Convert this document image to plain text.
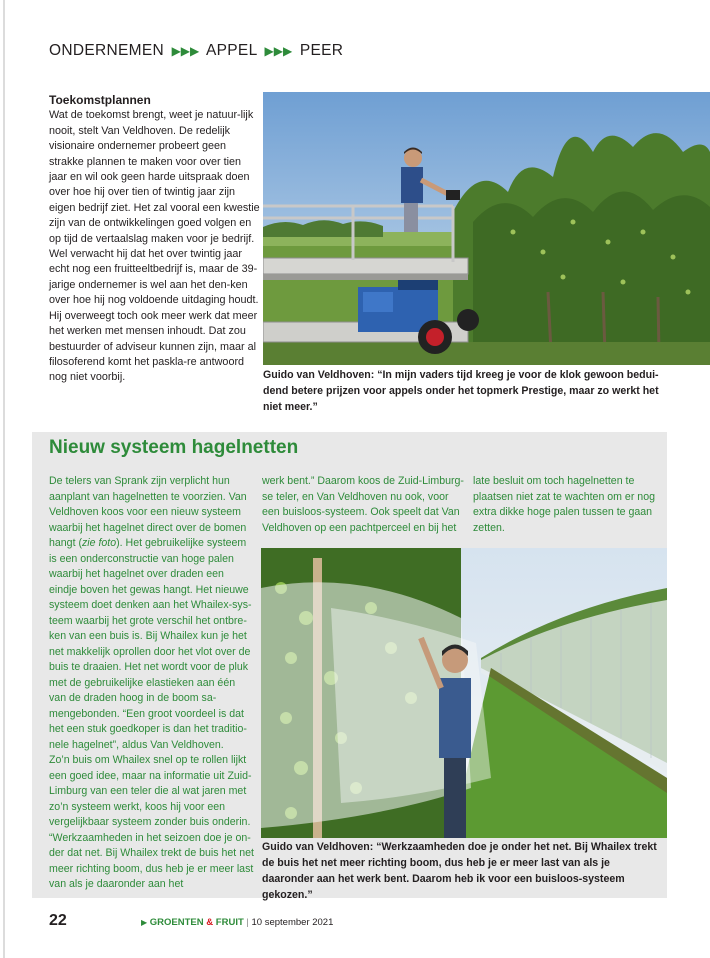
ONDERNEMEN ▶▶▶ APPEL ▶▶▶ PEER
Toekomstplannen

Wat de toekomst brengt, weet je natuur-lijk nooit, stelt Van Veldhoven. De redelijk visionaire ondernemer probeert geen strakke plannen te maken voor over tien jaar en wil ook geen harde uitspraak doen over hoe hij over tien of twintig jaar zijn eigen bedrijf ziet. Het zal vooral een kwestie zijn van de ontwikkelingen goed volgen en op tijd de vertaalslag maken voor je bedrijf.

Wel verwacht hij dat het over twintig jaar echt nog een fruitteeltbedrijf is, maar de 39-jarige ondernemer is wel aan het den-ken over hoe hij nog voldoende uitdaging houdt.

Hij overweegt toch ook meer werk dat meer het werken met mensen inhoudt. Dat zou bestuurder of adviseur kunnen zijn, maar al filosoferend komt het paskla-re antwoord nog niet voorbij.	Guido van Veldhoven: “In mijn vaders tijd kreeg je voor de klok gewoon bedui-dend betere prijzen voor appels onder het topmerk Prestige, maar zo werkt het niet meer.”
Nieuw systeem hagelnetten

De telers van Sprank zijn verplicht hun aanplant van hagelnetten te voorzien. Van Veldhoven koos voor een nieuw systeem waarbij het hagelnet direct over de bomen hangt (zie foto). Het gebruikelijke systeem is een onderconstructie van hoge palen waarbij het hagelnet over draden een eindje boven het gewas hangt. Het nieuwe systeem doet denken aan het Whailex-sys-teem waarbij het grote verschil het ontbre-ken van een buis is. Bij Whailex kun je het net makkelijk oprollen door het vlot over de buis te draaien. Het net wordt voor de pluk met de gebruikelijke elastieken aan één van de draden hoog in de boom sa-mengebonden. “Een groot voordeel is dat het een stuk goedkoper is dan het traditio-nele hagelnet”, aldus Van Veldhoven.

Zo’n buis om Whailex snel op te rollen lijkt een goed idee, maar na informatie uit Zuid-Limburg van een teler die al wat jaren met zo’n systeem werkt, koos hij voor een vergelijkbaar systeem zonder buis onderin. “Werkzaamheden in het seizoen doe je on-der dat net. Bij Whailex trekt de buis het net meer richting boom, dus heb je er meer last van als je daaronder aan het

werk bent.” Daarom koos de Zuid-Limburg-se teler, en Van Veldhoven nu ook, voor een buisloos-systeem. Ook speelt dat Van Veldhoven op een pachtperceel en bij het

late besluit om toch hagelnetten te plaatsen niet zat te wachten om er nog extra dikke hoge palen tussen te gaan zetten.

Guido van Veldhoven: “Werkzaamheden doe je onder het net. Bij Whailex trekt de buis het net meer richting boom, dus heb je er meer last van als je daaronder aan het werk bent. Daarom heb ik voor een buisloos-systeem gekozen.”
22	▶ GROENTEN & FRUIT | 10 september 2021
